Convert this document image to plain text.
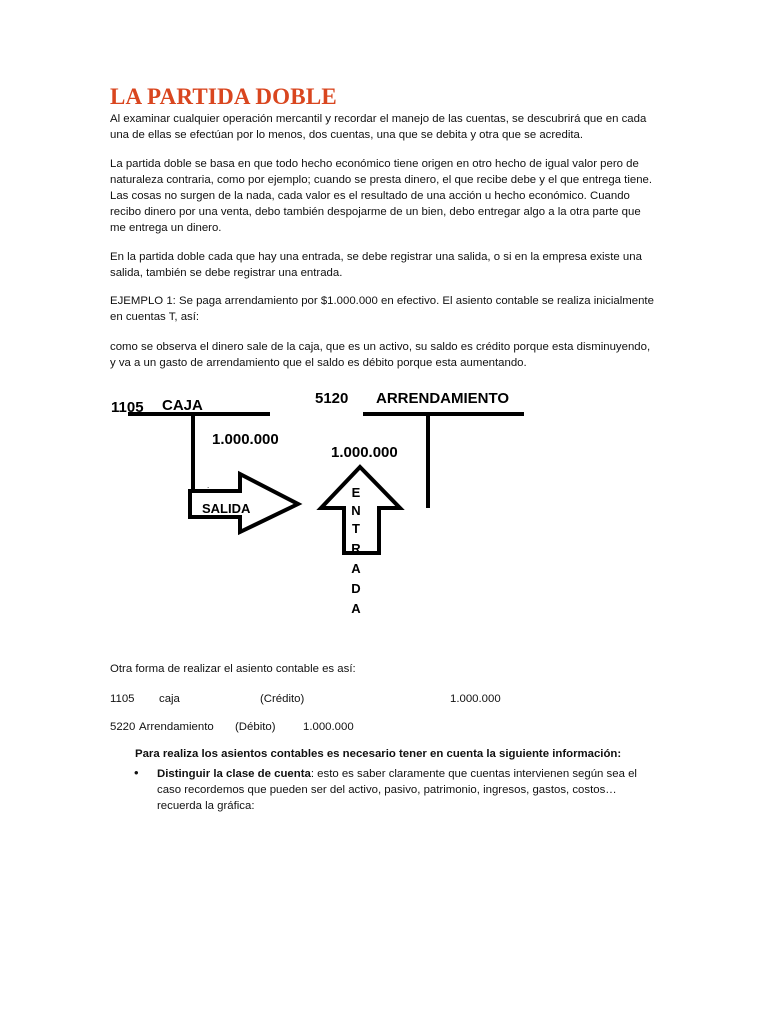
LA PARTIDA DOBLE
Al examinar cualquier operación mercantil y recordar el manejo de las cuentas, se descubrirá que en cada una de ellas se efectúan por lo menos, dos cuentas, una que se debita y otra que se acredita.
La partida doble se basa en que todo hecho económico tiene origen en otro hecho de igual valor pero de naturaleza contraria, como por ejemplo; cuando se presta dinero, el que recibe debe y el que entrega tiene. Las cosas no surgen de la nada, cada valor es el resultado de una acción u hecho económico. Cuando recibo dinero por una venta, debo también despojarme de un bien, debo entregar algo a la otra parte que me entrega un dinero.
En la partida doble cada que hay una entrada, se debe registrar una salida, o si en la empresa existe una salida, también se debe registrar una entrada.
EJEMPLO 1: Se paga arrendamiento por $1.000.000 en efectivo. El asiento contable se realiza inicialmente en cuentas T, así:
como se observa el dinero sale de la caja, que es un activo, su saldo es crédito porque esta disminuyendo, y va a un gasto de arrendamiento que el saldo es débito porque esta aumentando.
1105 CAJA
1.000.000
.
SALIDA
5120 ARRENDAMIENTO
1.000.000
E
N
T
R
A
D
A
Otra forma de realizar el asiento contable es así:
1105 caja	(Crédito)	1.000.000
5220 Arrendamiento (Débito) 1.000.000
Para realiza los asientos contables es necesario tener en cuenta la siguiente información:
• Distinguir la clase de cuenta: esto es saber claramente que cuentas intervienen según sea el caso recordemos que pueden ser del activo, pasivo, patrimonio, ingresos, gastos, costos… recuerda la gráfica:
